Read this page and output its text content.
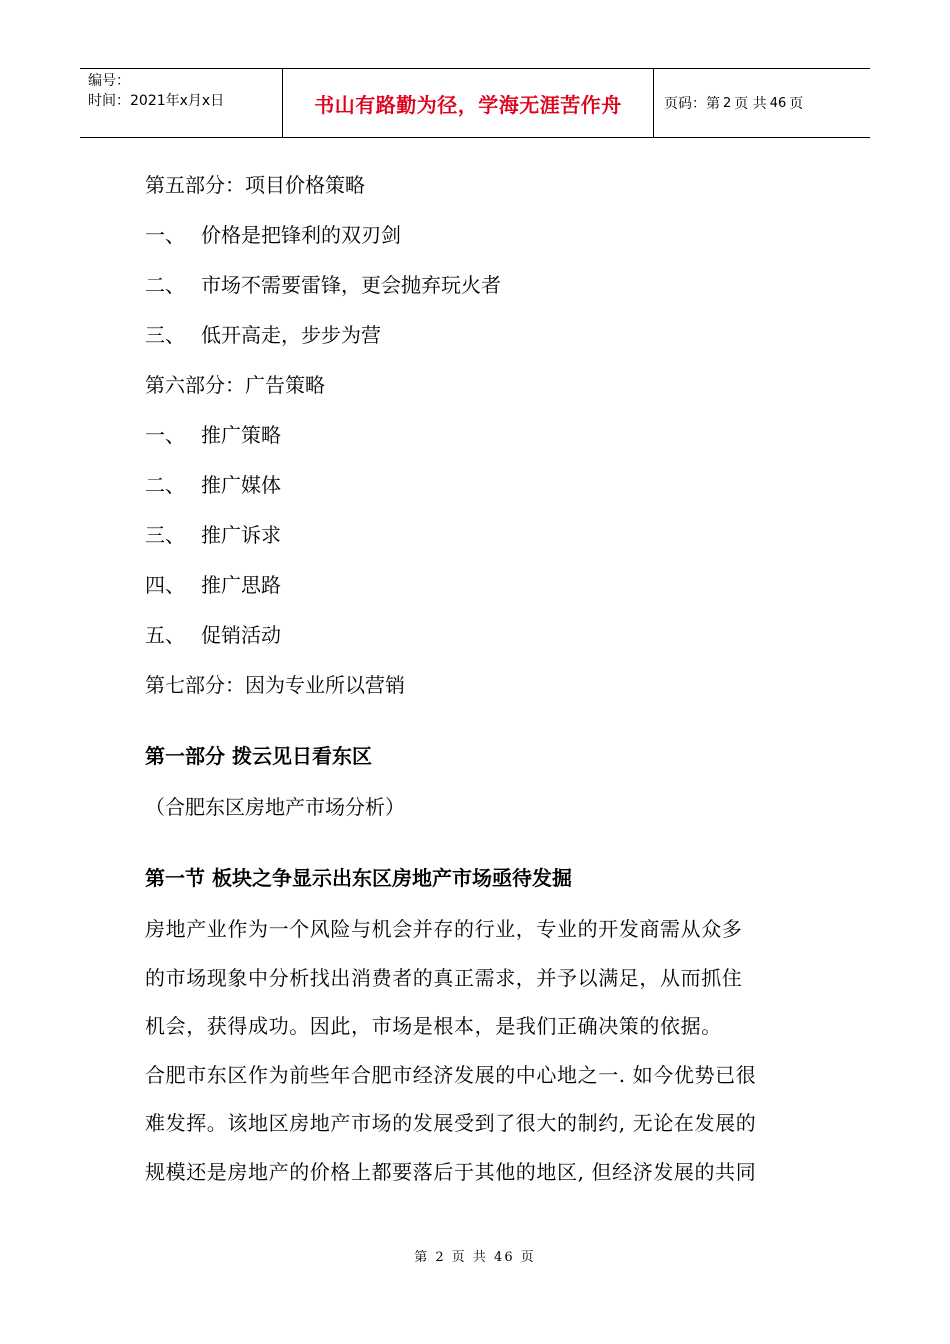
编号：
时间：2021年x月x日	书山有路勤为径，学海无涯苦作舟	页码：第 2 页 共 46 页
第五部分：项目价格策略
一、 价格是把锋利的双刃剑
二、 市场不需要雷锋，更会抛弃玩火者
三、 低开高走，步步为营
第六部分：广告策略
一、 推广策略
二、 推广媒体
三、 推广诉求
四、 推广思路
五、 促销活动
第七部分：因为专业所以营销
第一部分 拨云见日看东区
（合肥东区房地产市场分析）
第一节 板块之争显示出东区房地产市场亟待发掘

房地产业作为一个风险与机会并存的行业，专业的开发商需从众多

的市场现象中分析找出消费者的真正需求，并予以满足，从而抓住

机会，获得成功。因此，市场是根本，是我们正确决策的依据。

合肥市东区作为前些年合肥市经济发展的中心地之一. 如今优势已很

难发挥。该地区房地产市场的发展受到了很大的制约, 无论在发展的

规模还是房地产的价格上都要落后于其他的地区, 但经济发展的共同

第 2 页 共 46 页
